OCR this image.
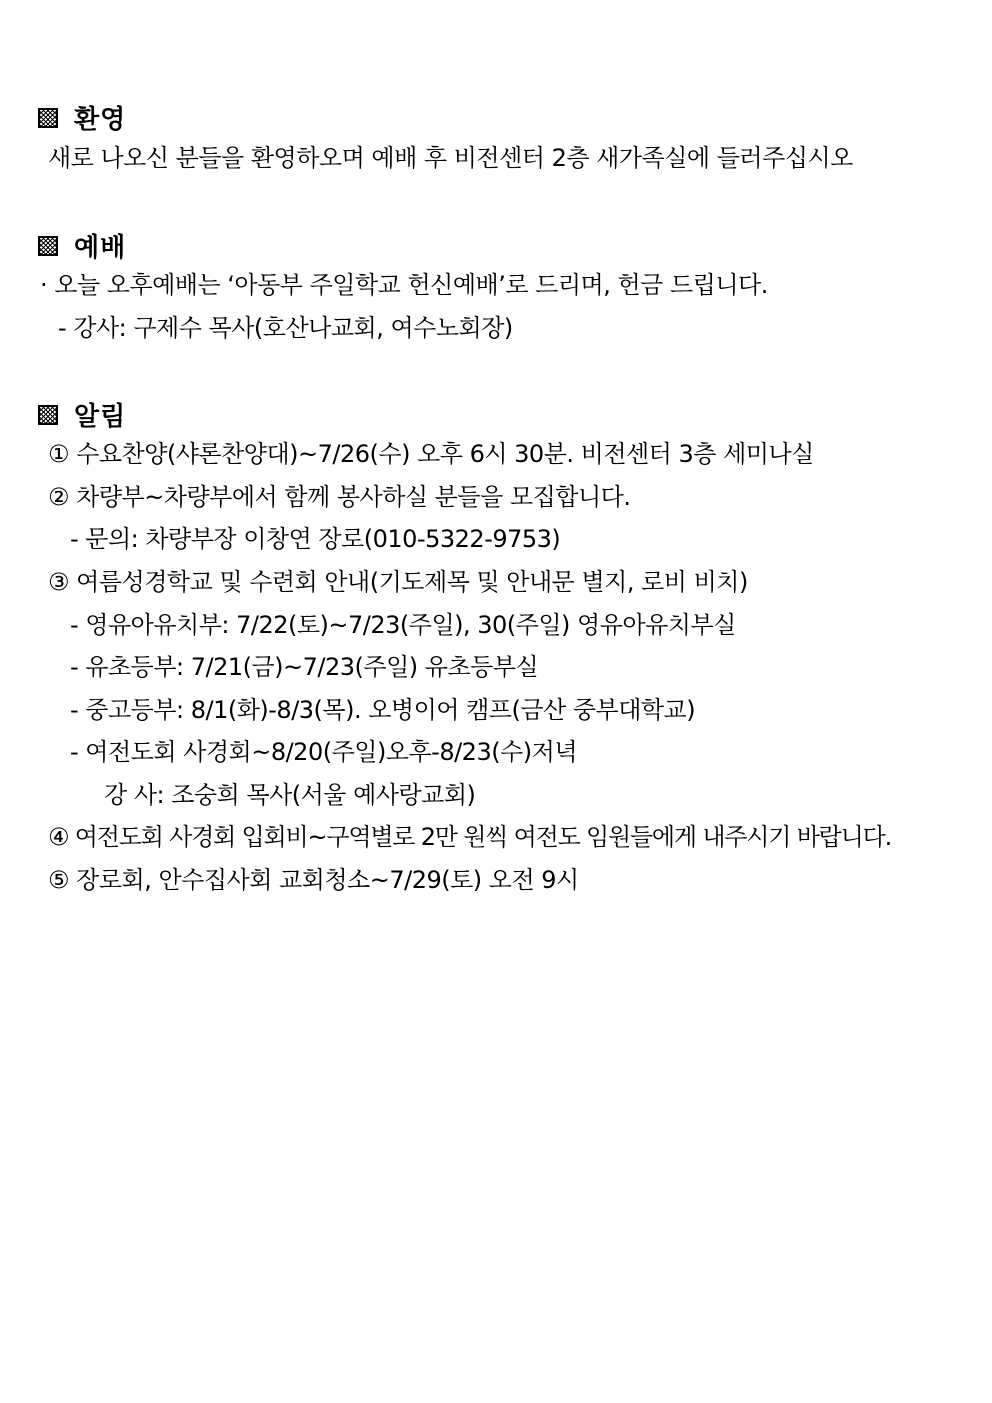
환영
새로 나오신 분들을 환영하오며 예배 후 비전센터 2층 새가족실에 들러주십시오
예배
· 오늘 오후예배는 ‘아동부 주일학교 헌신예배’로 드리며, 헌금 드립니다.
- 강사: 구제수 목사(호산나교회, 여수노회장)
알림
① 수요찬양(샤론찬양대)~7/26(수) 오후 6시 30분. 비전센터 3층 세미나실
② 차량부~차량부에서 함께 봉사하실 분들을 모집합니다.
- 문의: 차량부장 이창연 장로(010-5322-9753)
③ 여름성경학교 및 수련회 안내(기도제목 및 안내문 별지, 로비 비치)
- 영유아유치부: 7/22(토)~7/23(주일), 30(주일) 영유아유치부실
- 유초등부: 7/21(금)~7/23(주일) 유초등부실
- 중고등부: 8/1(화)-8/3(목). 오병이어 캠프(금산 중부대학교)
- 여전도회 사경회~8/20(주일)오후-8/23(수)저녁
강 사: 조숭희 목사(서울 예사랑교회)
④ 여전도회 사경회 입회비~구역별로 2만 원씩 여전도 임원들에게 내주시기 바랍니다.
⑤ 장로회, 안수집사회 교회청소~7/29(토) 오전 9시
